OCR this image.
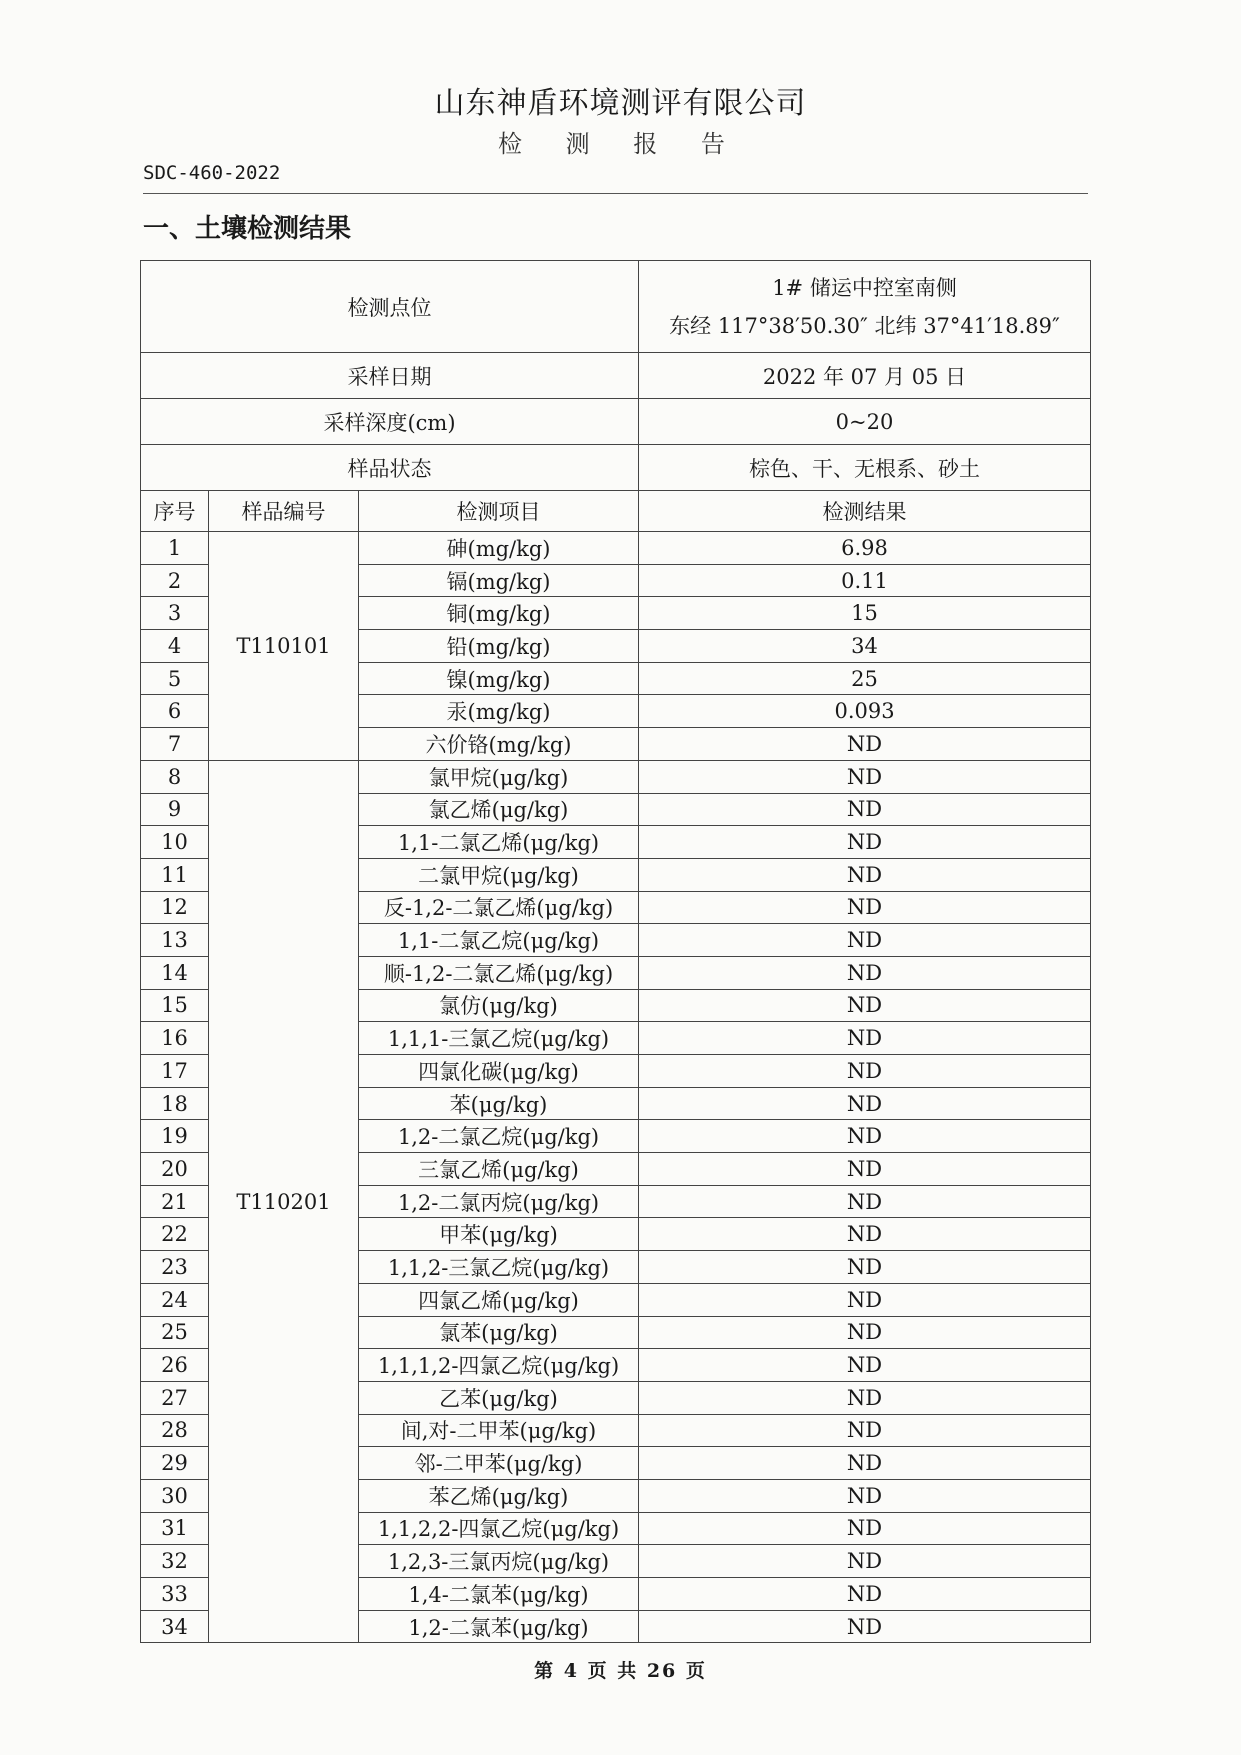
山东神盾环境测评有限公司
检 测 报 告
SDC-460-2022
一、土壤检测结果
检测点位			1# 储运中控室南侧
东经 117°38′50.30″ 北纬 37°41′18.89″

采样日期			2022 年 07 月 05 日
采样深度(cm)			0~20
样品状态			棕色、干、无根系、砂土
序号	样品编号	检测项目	检测结果
1	T110101	砷(mg/kg)	6.98
2		镉(mg/kg)	0.11
3		铜(mg/kg)	15
4		铅(mg/kg)	34
5		镍(mg/kg)	25
6		汞(mg/kg)	0.093
7		六价铬(mg/kg)	ND
8	T110201	氯甲烷(μg/kg)	ND
9		氯乙烯(μg/kg)	ND
10		1,1-二氯乙烯(μg/kg)	ND
11		二氯甲烷(μg/kg)	ND
12		反-1,2-二氯乙烯(μg/kg)	ND
13		1,1-二氯乙烷(μg/kg)	ND
14		顺-1,2-二氯乙烯(μg/kg)	ND
15		氯仿(μg/kg)	ND
16		1,1,1-三氯乙烷(μg/kg)	ND
17		四氯化碳(μg/kg)	ND
18		苯(μg/kg)	ND
19		1,2-二氯乙烷(μg/kg)	ND
20		三氯乙烯(μg/kg)	ND
21		1,2-二氯丙烷(μg/kg)	ND
22		甲苯(μg/kg)	ND
23		1,1,2-三氯乙烷(μg/kg)	ND
24		四氯乙烯(μg/kg)	ND
25		氯苯(μg/kg)	ND
26		1,1,1,2-四氯乙烷(μg/kg)	ND
27		乙苯(μg/kg)	ND
28		间,对-二甲苯(μg/kg)	ND
29		邻-二甲苯(μg/kg)	ND
30		苯乙烯(μg/kg)	ND
31		1,1,2,2-四氯乙烷(μg/kg)	ND
32		1,2,3-三氯丙烷(μg/kg)	ND
33		1,4-二氯苯(μg/kg)	ND
34		1,2-二氯苯(μg/kg)	ND
第 4 页 共 26 页
